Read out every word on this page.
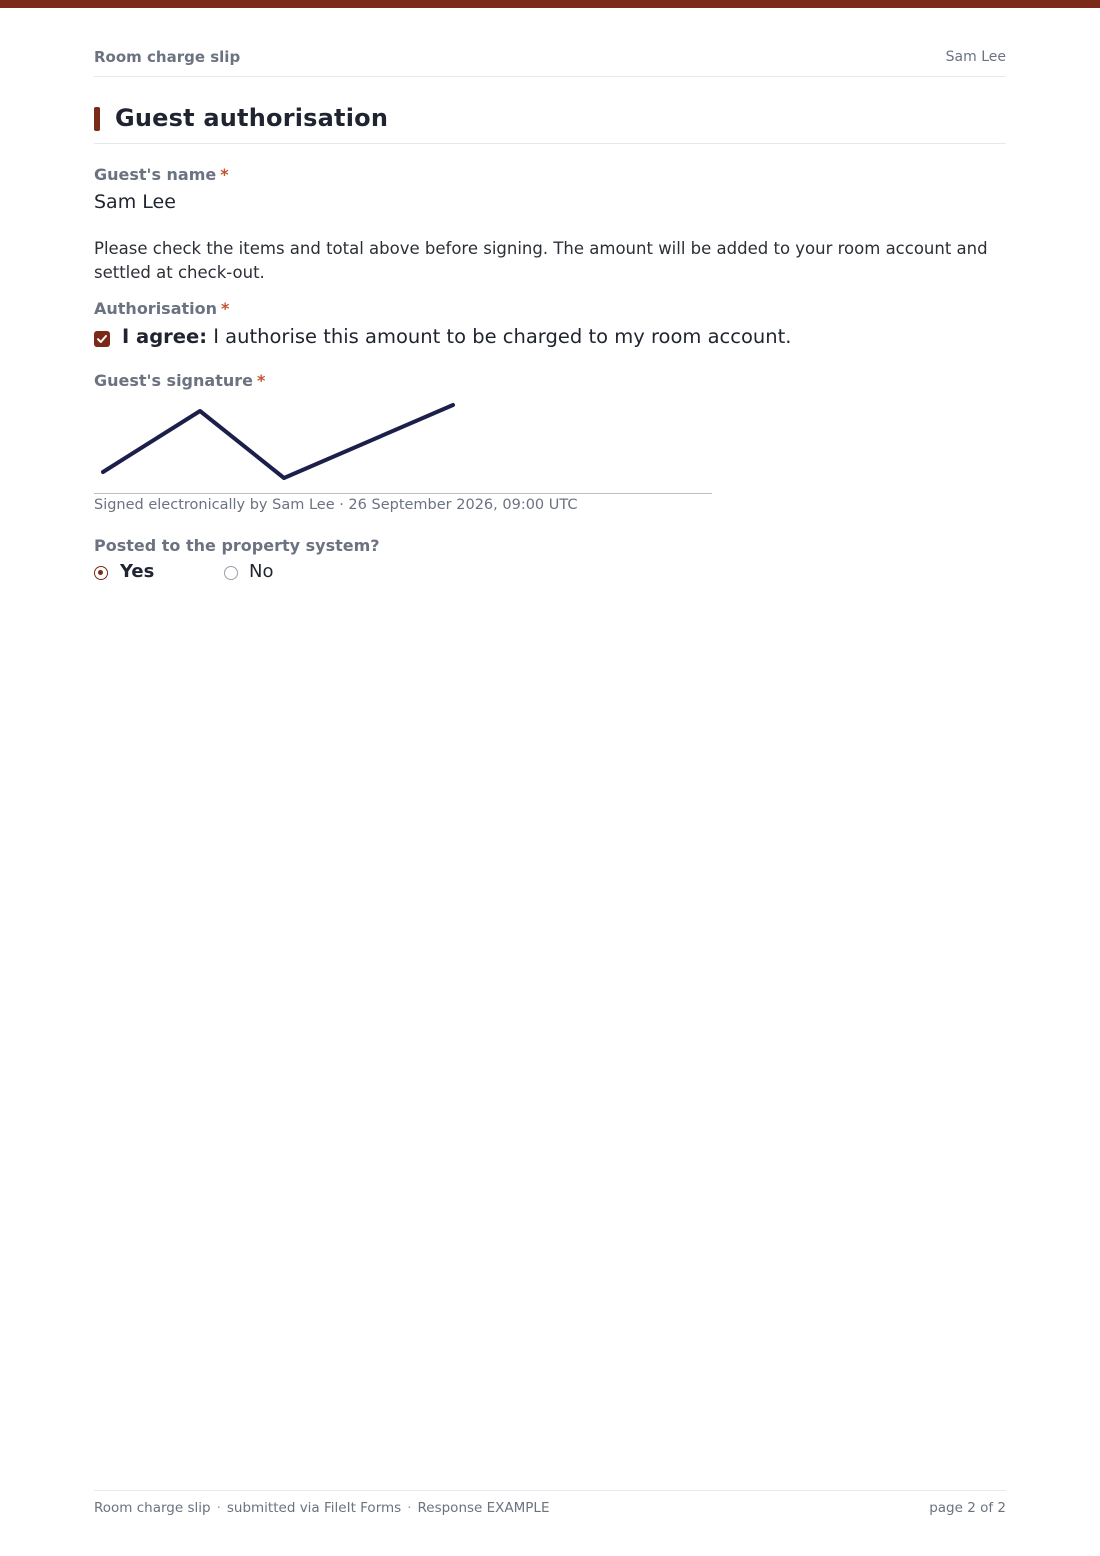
Room charge slip	Sam Lee
Guest authorisation
Guest's name *
Sam Lee
Please check the items and total above before signing. The amount will be added to your room account and settled at check-out.
Authorisation *
I agree: I authorise this amount to be charged to my room account.
Guest's signature *
Signed electronically by Sam Lee · 26 September 2026, 09:00 UTC
Posted to the property system?
Yes	No
Room charge slip · submitted via FileIt Forms · Response EXAMPLE	page 2 of 2
